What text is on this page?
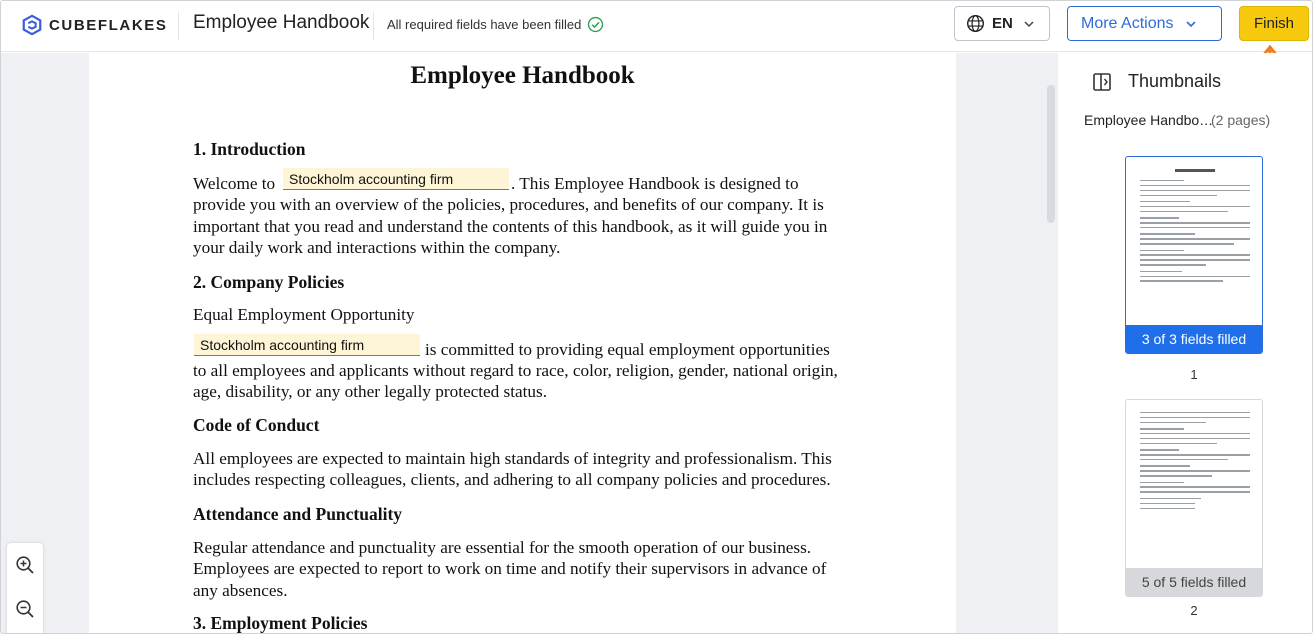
CUBEFLAKES Employee Handbook All required fields have been filled	EN	More Actions	Finish
Employee Handbook
1. Introduction
Welcome to Stockholm accounting firm	. This Employee Handbook is designed to
provide you with an overview of the policies, procedures, and benefits of our company. It is
important that you read and understand the contents of this handbook, as it will guide you in
your daily work and interactions within the company.
2. Company Policies
Equal Employment Opportunity
Stockholm accounting firm	is committed to providing equal employment opportunities
to all employees and applicants without regard to race, color, religion, gender, national origin,
age, disability, or any other legally protected status.
Code of Conduct
All employees are expected to maintain high standards of integrity and professionalism. This
includes respecting colleagues, clients, and adhering to all company policies and procedures.
Attendance and Punctuality
Regular attendance and punctuality are essential for the smooth operation of our business.
Employees are expected to report to work on time and notify their supervisors in advance of
any absences.
3. Employment Policies
Thumbnails
Employee Handbo…
(2 pages)
3 of 3 fields filled
1
5 of 5 fields filled
2
